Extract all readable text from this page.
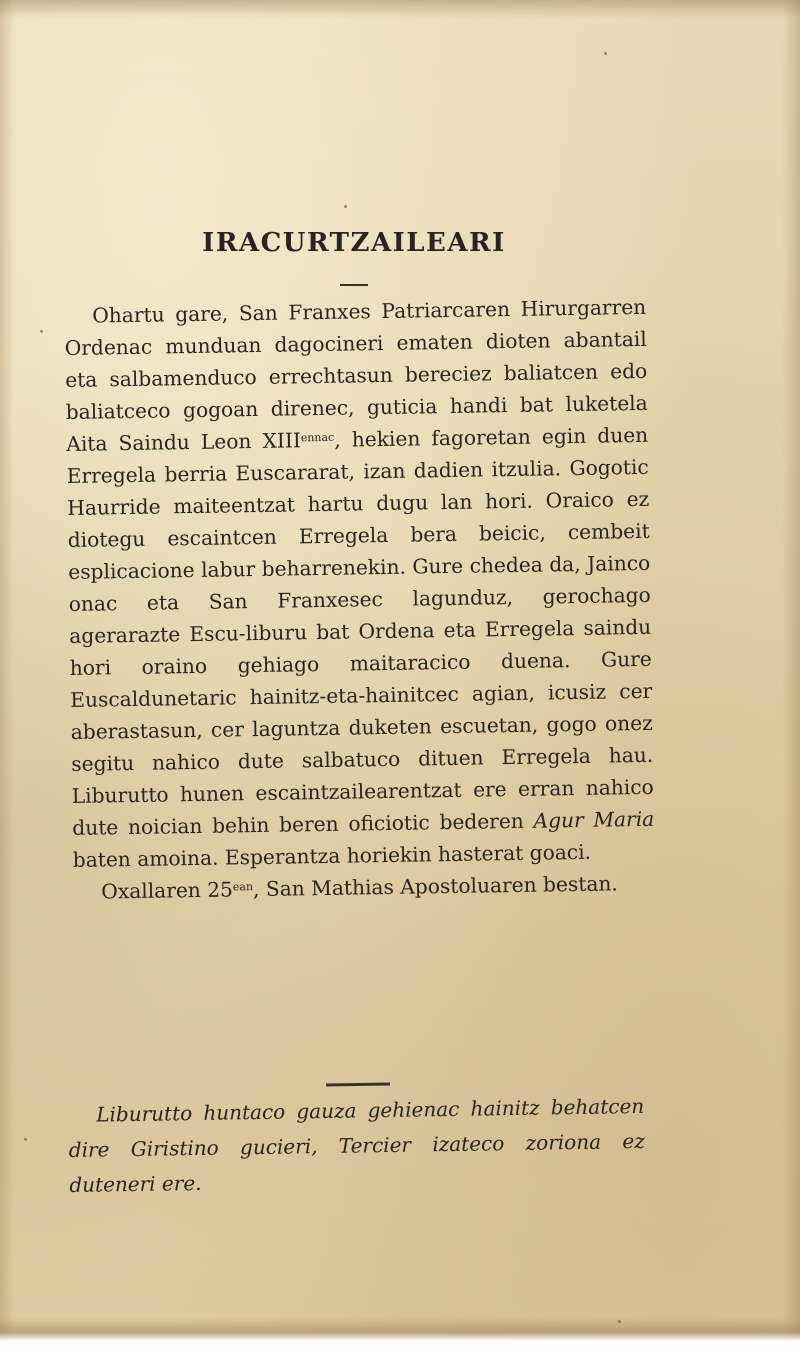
IRACURTZAILEARI

Ohartu gare, San Franxes Patriarcaren Hirurgarren Ordenac munduan dagocineri ematen dioten abantail eta salbamenduco errechtasun bereciez baliatcen edo baliatceco gogoan direnec, guticia handi bat luketela Aita Saindu Leon $XIII^{ennac}$, hekien fagoretan egin duen Erregela berria Euscararat, izan dadien itzulia. Gogotic Haurride maiteentzat hartu dugu lan hori. Oraico ez diotegu escaintcen Erregela bera beicic, cembeit esplicacione labur beharrenekin. Gure chedea da, Jainco onac eta San Franxesec lagunduz, gerochago agerarazte Escu-liburu bat Ordena eta Erregela saindu hori oraino gehiago maitaracico duena. Gure Euscaldunetaric hainitz-eta-hainitcec agian, icusiz cer aberastasun, cer laguntza duketen escuetan, gogo onez segitu nahico dute salbatuco dituen Erregela hau. Liburutto hunen escaintzailearentzat ere erran nahico dute noician behin beren oficiotic bederen Agur Maria baten amoina. Esperantza horiekin hasterat goaci.

Oxallaren $25^{ean}$, San Mathias Apostoluaren bestan.

Liburutto huntaco gauza gehienac hainitz behatcen dire Giristino gucieri, Tercier izateco zoriona ez duteneri ere.
